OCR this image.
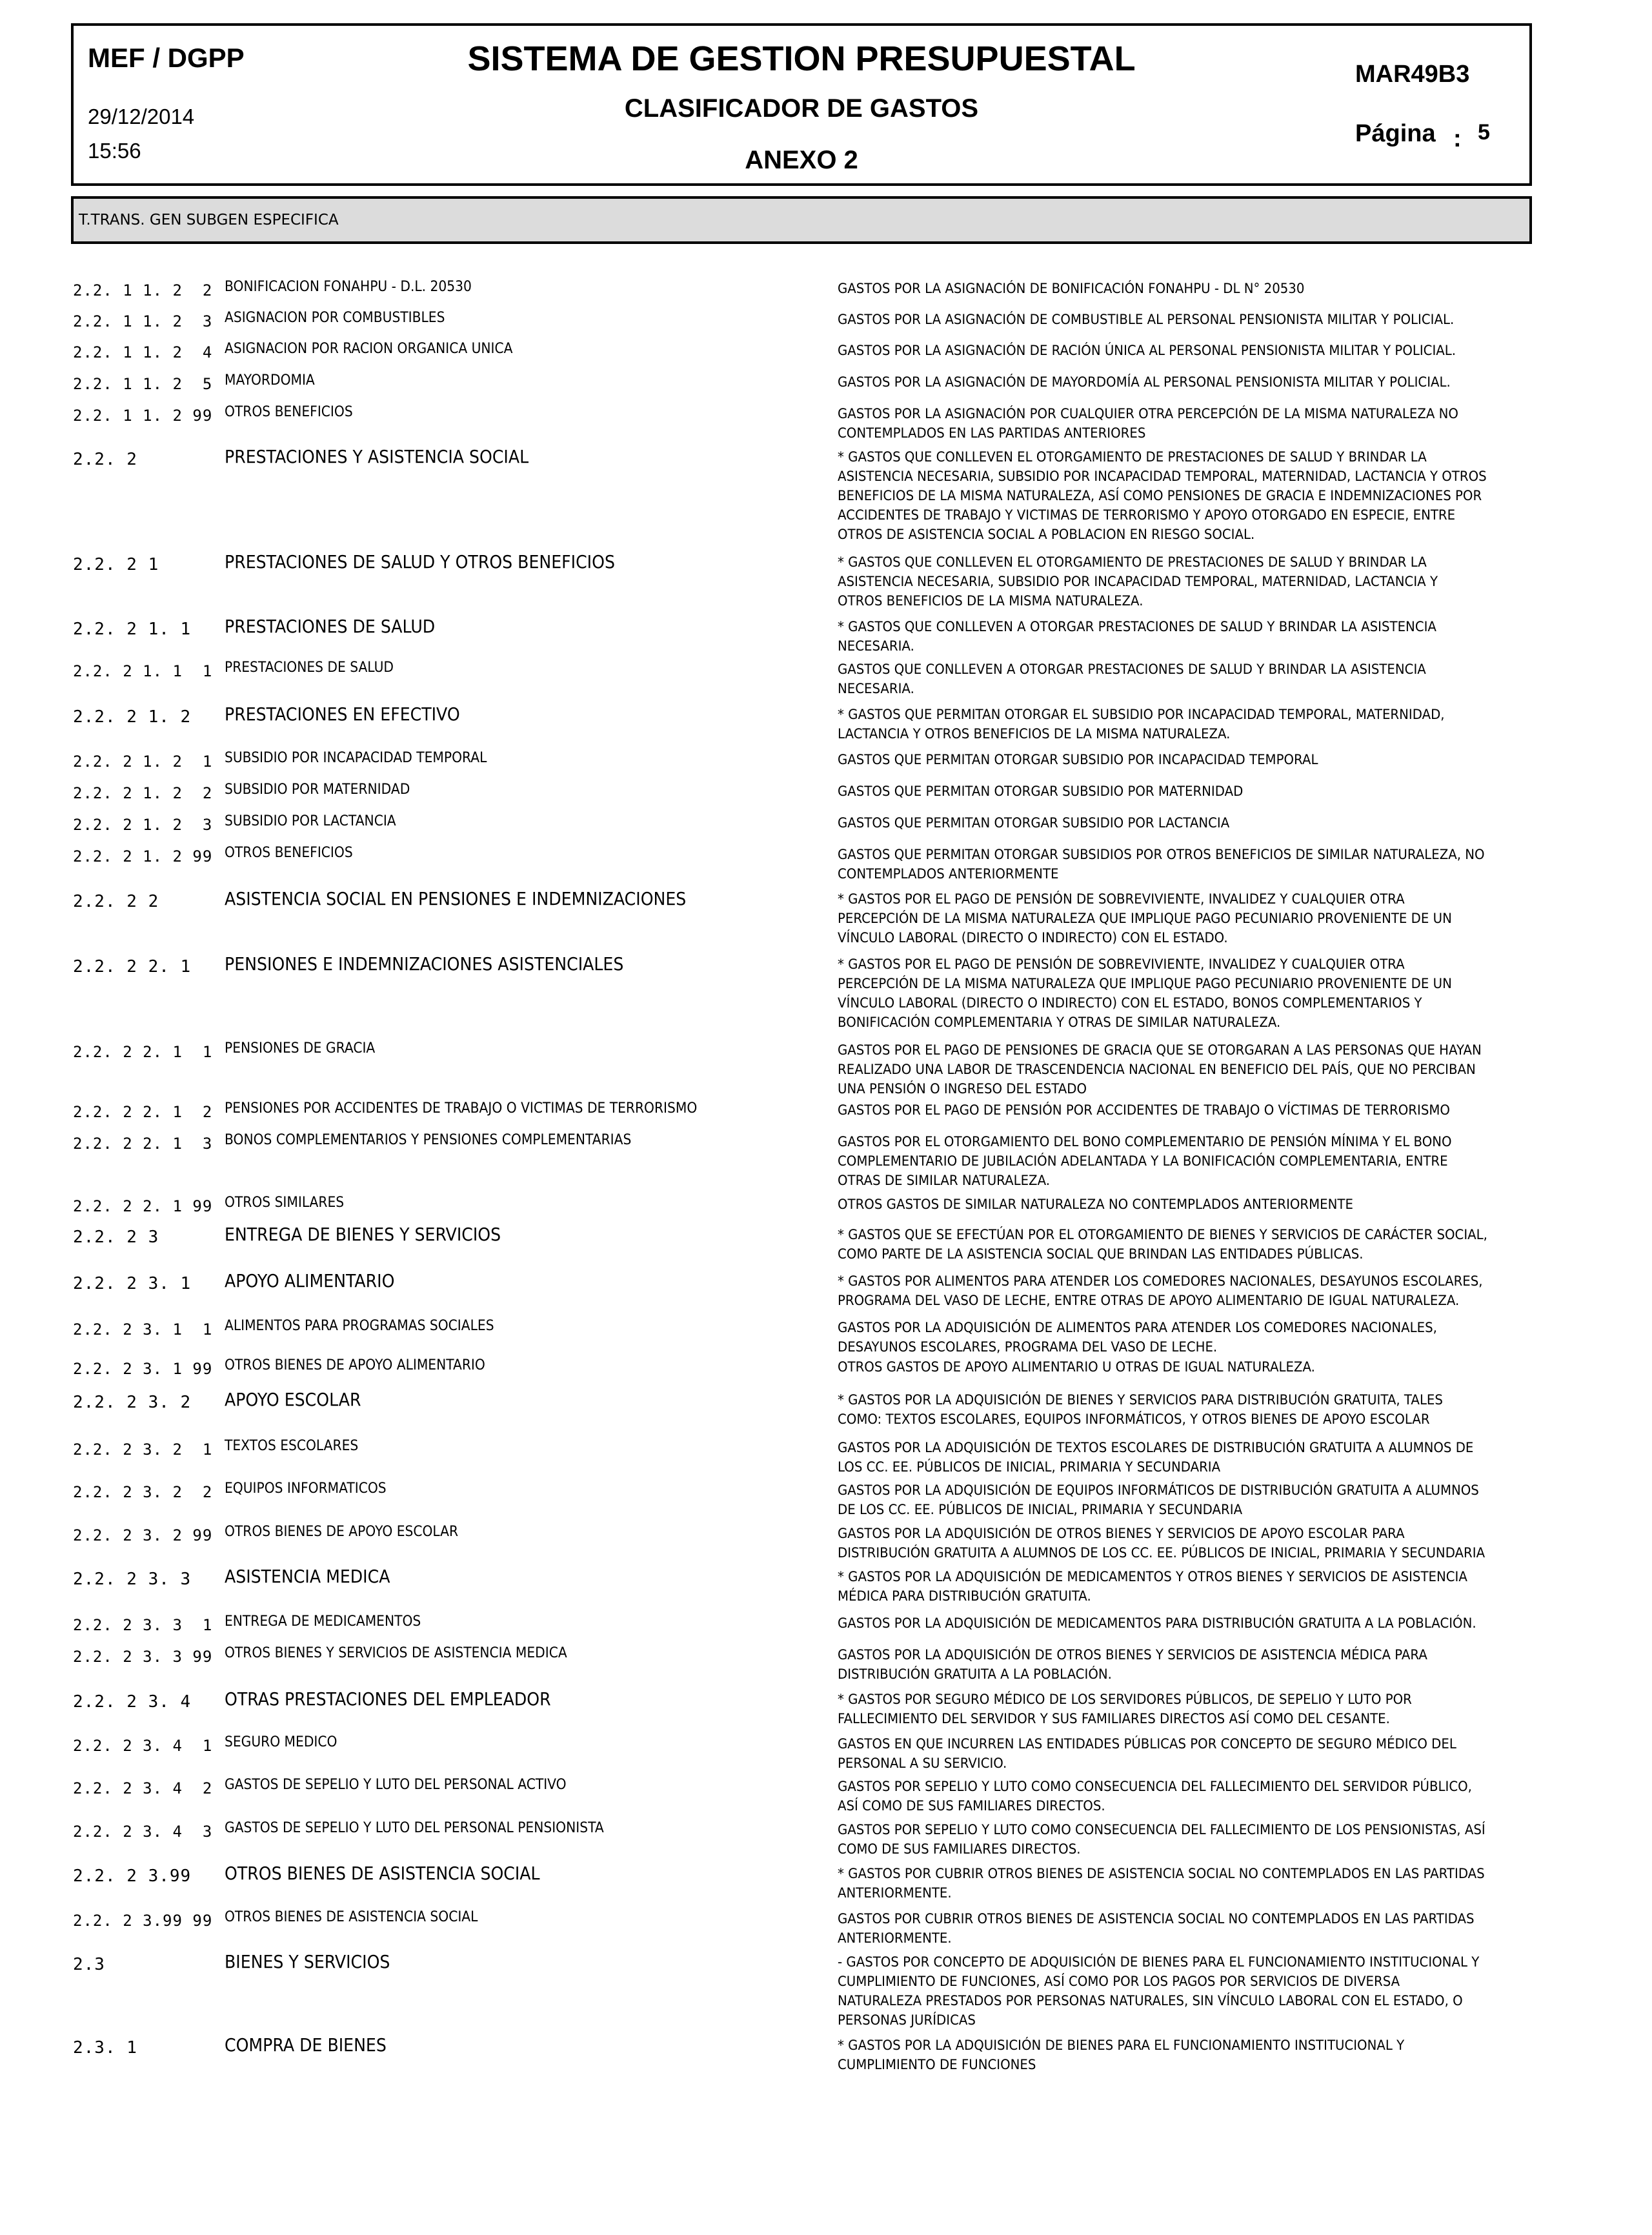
MEF / DGPP
29/12/2014
15:56
SISTEMA DE GESTION PRESUPUESTAL
CLASIFICADOR DE GASTOS
ANEXO 2
MAR49B3
Página : 5
T.TRANS. GEN SUBGEN ESPECIFICA
2.2. 1 1. 2  2 BONIFICACION FONAHPU - D.L. 20530	GASTOS POR LA ASIGNACIÓN DE BONIFICACIÓN FONAHPU - DL N° 20530
2.2. 1 1. 2  3 ASIGNACION POR COMBUSTIBLES	GASTOS POR LA ASIGNACIÓN DE COMBUSTIBLE AL PERSONAL PENSIONISTA MILITAR Y POLICIAL.
2.2. 1 1. 2  4 ASIGNACION POR RACION ORGANICA UNICA	GASTOS POR LA ASIGNACIÓN DE RACIÓN ÚNICA AL PERSONAL PENSIONISTA MILITAR Y POLICIAL.
2.2. 1 1. 2  5 MAYORDOMIA	GASTOS POR LA ASIGNACIÓN DE MAYORDOMÍA AL PERSONAL PENSIONISTA MILITAR Y POLICIAL.
2.2. 1 1. 2 99 OTROS BENEFICIOS	GASTOS POR LA ASIGNACIÓN POR CUALQUIER OTRA PERCEPCIÓN DE LA MISMA NATURALEZA NO
CONTEMPLADOS EN LAS PARTIDAS ANTERIORES
2.2. 2	PRESTACIONES Y ASISTENCIA SOCIAL	* GASTOS QUE CONLLEVEN EL OTORGAMIENTO DE PRESTACIONES DE SALUD Y BRINDAR LA
ASISTENCIA NECESARIA, SUBSIDIO POR INCAPACIDAD TEMPORAL, MATERNIDAD, LACTANCIA Y OTROS
BENEFICIOS DE LA MISMA NATURALEZA, ASÍ COMO PENSIONES DE GRACIA E INDEMNIZACIONES POR
ACCIDENTES DE TRABAJO Y VICTIMAS DE TERRORISMO Y APOYO OTORGADO EN ESPECIE, ENTRE
OTROS DE ASISTENCIA SOCIAL A POBLACION EN RIESGO SOCIAL.
2.2. 2 1	PRESTACIONES DE SALUD Y OTROS BENEFICIOS	* GASTOS QUE CONLLEVEN EL OTORGAMIENTO DE PRESTACIONES DE SALUD Y BRINDAR LA
ASISTENCIA NECESARIA, SUBSIDIO POR INCAPACIDAD TEMPORAL, MATERNIDAD, LACTANCIA Y
OTROS BENEFICIOS DE LA MISMA NATURALEZA.
2.2. 2 1. 1 PRESTACIONES DE SALUD	* GASTOS QUE CONLLEVEN A OTORGAR PRESTACIONES DE SALUD Y BRINDAR LA ASISTENCIA
NECESARIA.
2.2. 2 1. 1  1 PRESTACIONES DE SALUD	GASTOS QUE CONLLEVEN A OTORGAR PRESTACIONES DE SALUD Y BRINDAR LA ASISTENCIA
NECESARIA.
2.2. 2 1. 2 PRESTACIONES EN EFECTIVO	* GASTOS QUE PERMITAN OTORGAR EL SUBSIDIO POR INCAPACIDAD TEMPORAL, MATERNIDAD,
LACTANCIA Y OTROS BENEFICIOS DE LA MISMA NATURALEZA.
2.2. 2 1. 2  1 SUBSIDIO POR INCAPACIDAD TEMPORAL	GASTOS QUE PERMITAN OTORGAR SUBSIDIO POR INCAPACIDAD TEMPORAL
2.2. 2 1. 2  2 SUBSIDIO POR MATERNIDAD	GASTOS QUE PERMITAN OTORGAR SUBSIDIO POR MATERNIDAD
2.2. 2 1. 2  3 SUBSIDIO POR LACTANCIA	GASTOS QUE PERMITAN OTORGAR SUBSIDIO POR LACTANCIA
2.2. 2 1. 2 99 OTROS BENEFICIOS	GASTOS QUE PERMITAN OTORGAR SUBSIDIOS POR OTROS BENEFICIOS DE SIMILAR NATURALEZA, NO
CONTEMPLADOS ANTERIORMENTE
2.2. 2 2	ASISTENCIA SOCIAL EN PENSIONES E INDEMNIZACIONES	* GASTOS POR EL PAGO DE PENSIÓN DE SOBREVIVIENTE, INVALIDEZ Y CUALQUIER OTRA
PERCEPCIÓN DE LA MISMA NATURALEZA QUE IMPLIQUE PAGO PECUNIARIO PROVENIENTE DE UN
VÍNCULO LABORAL (DIRECTO O INDIRECTO) CON EL ESTADO.
2.2. 2 2. 1 PENSIONES E INDEMNIZACIONES ASISTENCIALES	* GASTOS POR EL PAGO DE PENSIÓN DE SOBREVIVIENTE, INVALIDEZ Y CUALQUIER OTRA
PERCEPCIÓN DE LA MISMA NATURALEZA QUE IMPLIQUE PAGO PECUNIARIO PROVENIENTE DE UN
VÍNCULO LABORAL (DIRECTO O INDIRECTO) CON EL ESTADO, BONOS COMPLEMENTARIOS Y
BONIFICACIÓN COMPLEMENTARIA Y OTRAS DE SIMILAR NATURALEZA.
2.2. 2 2. 1  1 PENSIONES DE GRACIA	GASTOS POR EL PAGO DE PENSIONES DE GRACIA QUE SE OTORGARAN A LAS PERSONAS QUE HAYAN
REALIZADO UNA LABOR DE TRASCENDENCIA NACIONAL EN BENEFICIO DEL PAÍS, QUE NO PERCIBAN
UNA PENSIÓN O INGRESO DEL ESTADO
2.2. 2 2. 1  2 PENSIONES POR ACCIDENTES DE TRABAJO O VICTIMAS DE TERRORISMO	GASTOS POR EL PAGO DE PENSIÓN POR ACCIDENTES DE TRABAJO O VÍCTIMAS DE TERRORISMO
2.2. 2 2. 1  3 BONOS COMPLEMENTARIOS Y PENSIONES COMPLEMENTARIAS	GASTOS POR EL OTORGAMIENTO DEL BONO COMPLEMENTARIO DE PENSIÓN MÍNIMA Y EL BONO
COMPLEMENTARIO DE JUBILACIÓN ADELANTADA Y LA BONIFICACIÓN COMPLEMENTARIA, ENTRE
OTRAS DE SIMILAR NATURALEZA.
2.2. 2 2. 1 99 OTROS SIMILARES	OTROS GASTOS DE SIMILAR NATURALEZA NO CONTEMPLADOS ANTERIORMENTE
2.2. 2 3	ENTREGA DE BIENES Y SERVICIOS	* GASTOS QUE SE EFECTÚAN POR EL OTORGAMIENTO DE BIENES Y SERVICIOS DE CARÁCTER SOCIAL,
COMO PARTE DE LA ASISTENCIA SOCIAL QUE BRINDAN LAS ENTIDADES PÚBLICAS.
2.2. 2 3. 1 APOYO ALIMENTARIO	* GASTOS POR ALIMENTOS PARA ATENDER LOS COMEDORES NACIONALES, DESAYUNOS ESCOLARES,
PROGRAMA DEL VASO DE LECHE, ENTRE OTRAS DE APOYO ALIMENTARIO DE IGUAL NATURALEZA.
2.2. 2 3. 1  1 ALIMENTOS PARA PROGRAMAS SOCIALES	GASTOS POR LA ADQUISICIÓN DE ALIMENTOS PARA ATENDER LOS COMEDORES NACIONALES,
DESAYUNOS ESCOLARES, PROGRAMA DEL VASO DE LECHE.
2.2. 2 3. 1 99 OTROS BIENES DE APOYO ALIMENTARIO	OTROS GASTOS DE APOYO ALIMENTARIO U OTRAS DE IGUAL NATURALEZA.
2.2. 2 3. 2 APOYO ESCOLAR	* GASTOS POR LA ADQUISICIÓN DE BIENES Y SERVICIOS PARA DISTRIBUCIÓN GRATUITA, TALES
COMO: TEXTOS ESCOLARES, EQUIPOS INFORMÁTICOS, Y OTROS BIENES DE APOYO ESCOLAR
2.2. 2 3. 2  1 TEXTOS ESCOLARES	GASTOS POR LA ADQUISICIÓN DE TEXTOS ESCOLARES DE DISTRIBUCIÓN GRATUITA A ALUMNOS DE
LOS CC. EE. PÚBLICOS DE INICIAL, PRIMARIA Y SECUNDARIA
2.2. 2 3. 2  2 EQUIPOS INFORMATICOS	GASTOS POR LA ADQUISICIÓN DE EQUIPOS INFORMÁTICOS DE DISTRIBUCIÓN GRATUITA A ALUMNOS
DE LOS CC. EE. PÚBLICOS DE INICIAL, PRIMARIA Y SECUNDARIA
2.2. 2 3. 2 99 OTROS BIENES DE APOYO ESCOLAR	GASTOS POR LA ADQUISICIÓN DE OTROS BIENES Y SERVICIOS DE APOYO ESCOLAR PARA
DISTRIBUCIÓN GRATUITA A ALUMNOS DE LOS CC. EE. PÚBLICOS DE INICIAL, PRIMARIA Y SECUNDARIA
2.2. 2 3. 3 ASISTENCIA MEDICA	* GASTOS POR LA ADQUISICIÓN DE MEDICAMENTOS Y OTROS BIENES Y SERVICIOS DE ASISTENCIA
MÉDICA PARA DISTRIBUCIÓN GRATUITA.
2.2. 2 3. 3  1 ENTREGA DE MEDICAMENTOS	GASTOS POR LA ADQUISICIÓN DE MEDICAMENTOS PARA DISTRIBUCIÓN GRATUITA A LA POBLACIÓN.
2.2. 2 3. 3 99 OTROS BIENES Y SERVICIOS DE ASISTENCIA MEDICA	GASTOS POR LA ADQUISICIÓN DE OTROS BIENES Y SERVICIOS DE ASISTENCIA MÉDICA PARA
DISTRIBUCIÓN GRATUITA A LA POBLACIÓN.
2.2. 2 3. 4 OTRAS PRESTACIONES DEL EMPLEADOR	* GASTOS POR SEGURO MÉDICO DE LOS SERVIDORES PÚBLICOS, DE SEPELIO Y LUTO POR
FALLECIMIENTO DEL SERVIDOR Y SUS FAMILIARES DIRECTOS ASÍ COMO DEL CESANTE.
2.2. 2 3. 4  1 SEGURO MEDICO	GASTOS EN QUE INCURREN LAS ENTIDADES PÚBLICAS POR CONCEPTO DE SEGURO MÉDICO DEL
PERSONAL A SU SERVICIO.
2.2. 2 3. 4  2 GASTOS DE SEPELIO Y LUTO DEL PERSONAL ACTIVO	GASTOS POR SEPELIO Y LUTO COMO CONSECUENCIA DEL FALLECIMIENTO DEL SERVIDOR PÚBLICO,
ASÍ COMO DE SUS FAMILIARES DIRECTOS.
2.2. 2 3. 4  3 GASTOS DE SEPELIO Y LUTO DEL PERSONAL PENSIONISTA	GASTOS POR SEPELIO Y LUTO COMO CONSECUENCIA DEL FALLECIMIENTO DE LOS PENSIONISTAS, ASÍ
COMO DE SUS FAMILIARES DIRECTOS.
2.2. 2 3.99 OTROS BIENES DE ASISTENCIA SOCIAL	* GASTOS POR CUBRIR OTROS BIENES DE ASISTENCIA SOCIAL NO CONTEMPLADOS EN LAS PARTIDAS
ANTERIORMENTE.
2.2. 2 3.99 99 OTROS BIENES DE ASISTENCIA SOCIAL	GASTOS POR CUBRIR OTROS BIENES DE ASISTENCIA SOCIAL NO CONTEMPLADOS EN LAS PARTIDAS
ANTERIORMENTE.
2.3	BIENES Y SERVICIOS	- GASTOS POR CONCEPTO DE ADQUISICIÓN DE BIENES PARA EL FUNCIONAMIENTO INSTITUCIONAL Y
CUMPLIMIENTO DE FUNCIONES, ASÍ COMO POR LOS PAGOS POR SERVICIOS DE DIVERSA
NATURALEZA PRESTADOS POR PERSONAS NATURALES, SIN VÍNCULO LABORAL CON EL ESTADO, O
PERSONAS JURÍDICAS
2.3. 1	COMPRA DE BIENES	* GASTOS POR LA ADQUISICIÓN DE BIENES PARA EL FUNCIONAMIENTO INSTITUCIONAL Y
CUMPLIMIENTO DE FUNCIONES
